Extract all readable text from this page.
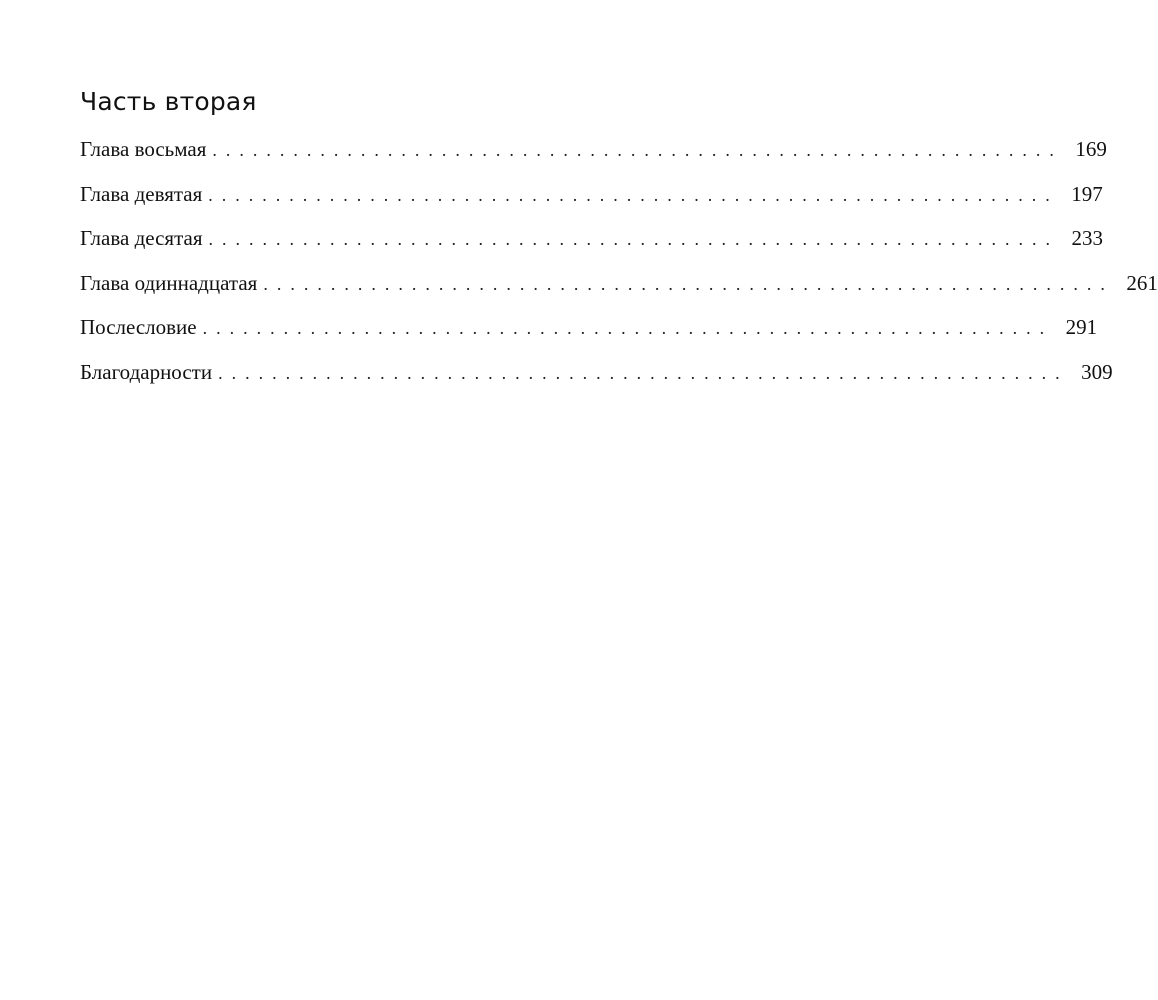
Часть вторая
Глава восьмая ............................................................... 169
Глава девятая ............................................................... 197
Глава десятая ............................................................... 233
Глава одиннадцатая ............................................................... 261
Послесловие ............................................................... 291
Благодарности ............................................................... 309
